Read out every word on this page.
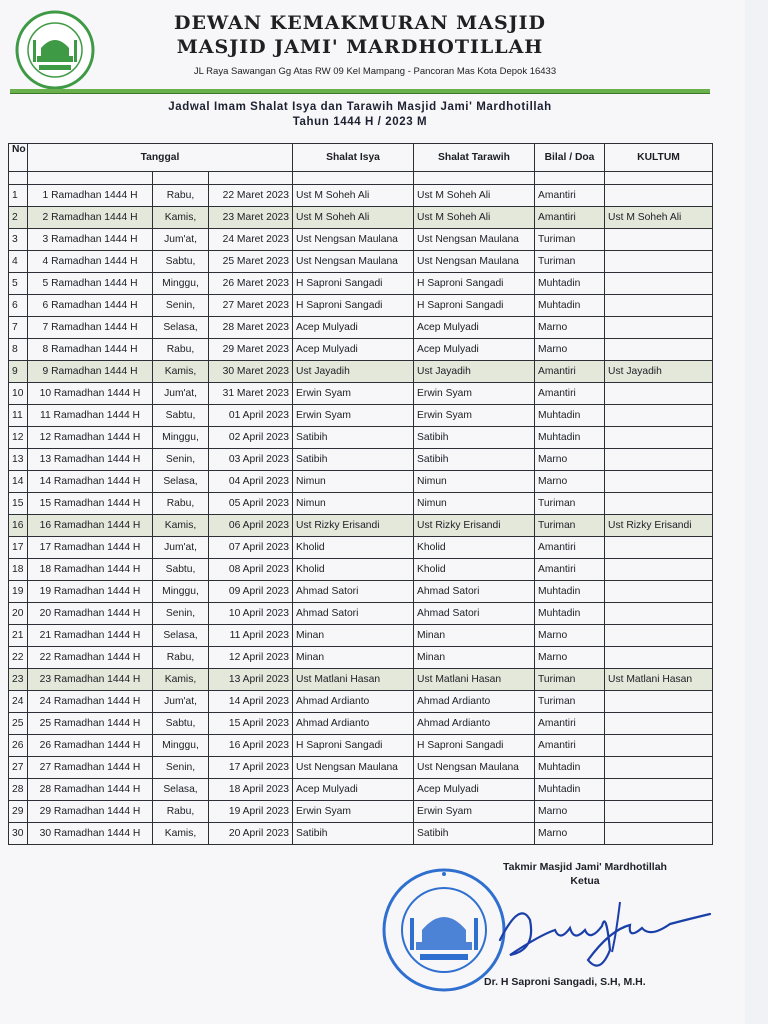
DEWAN KEMAKMURAN MASJID
MASJID JAMI' MARDHOTILLAH
JL Raya Sawangan Gg Atas RW 09 Kel Mampang - Pancoran Mas Kota Depok 16433
Jadwal Imam Shalat Isya dan Tarawih Masjid Jami' Mardhotillah
Tahun 1444 H / 2023 M
No	Tanggal			Shalat Isya	Shalat Tarawih	Bilal / Doa	KULTUM

1	1 Ramadhan 1444 H	Rabu,	22 Maret 2023	Ust M Soheh Ali	Ust M Soheh Ali	Amantiri	
2	2 Ramadhan 1444 H	Kamis,	23 Maret 2023	Ust M Soheh Ali	Ust M Soheh Ali	Amantiri	Ust M Soheh Ali
3	3 Ramadhan 1444 H	Jum'at,	24 Maret 2023	Ust Nengsan Maulana	Ust Nengsan Maulana	Turiman	
4	4 Ramadhan 1444 H	Sabtu,	25 Maret 2023	Ust Nengsan Maulana	Ust Nengsan Maulana	Turiman	
5	5 Ramadhan 1444 H	Minggu,	26 Maret 2023	H Saproni Sangadi	H Saproni Sangadi	Muhtadin	
6	6 Ramadhan 1444 H	Senin,	27 Maret 2023	H Saproni Sangadi	H Saproni Sangadi	Muhtadin	
7	7 Ramadhan 1444 H	Selasa,	28 Maret 2023	Acep Mulyadi	Acep Mulyadi	Marno	
8	8 Ramadhan 1444 H	Rabu,	29 Maret 2023	Acep Mulyadi	Acep Mulyadi	Marno	
9	9 Ramadhan 1444 H	Kamis,	30 Maret 2023	Ust Jayadih	Ust Jayadih	Amantiri	Ust Jayadih
10	10 Ramadhan 1444 H	Jum'at,	31 Maret 2023	Erwin Syam	Erwin Syam	Amantiri	
11	11 Ramadhan 1444 H	Sabtu,	01 April 2023	Erwin Syam	Erwin Syam	Muhtadin	
12	12 Ramadhan 1444 H	Minggu,	02 April 2023	Satibih	Satibih	Muhtadin	
13	13 Ramadhan 1444 H	Senin,	03 April 2023	Satibih	Satibih	Marno	
14	14 Ramadhan 1444 H	Selasa,	04 April 2023	Nimun	Nimun	Marno	
15	15 Ramadhan 1444 H	Rabu,	05 April 2023	Nimun	Nimun	Turiman	
16	16 Ramadhan 1444 H	Kamis,	06 April 2023	Ust Rizky Erisandi	Ust Rizky Erisandi	Turiman	Ust Rizky Erisandi
17	17 Ramadhan 1444 H	Jum'at,	07 April 2023	Kholid	Kholid	Amantiri	
18	18 Ramadhan 1444 H	Sabtu,	08 April 2023	Kholid	Kholid	Amantiri	
19	19 Ramadhan 1444 H	Minggu,	09 April 2023	Ahmad Satori	Ahmad Satori	Muhtadin	
20	20 Ramadhan 1444 H	Senin,	10 April 2023	Ahmad Satori	Ahmad Satori	Muhtadin	
21	21 Ramadhan 1444 H	Selasa,	11 April 2023	Minan	Minan	Marno	
22	22 Ramadhan 1444 H	Rabu,	12 April 2023	Minan	Minan	Marno	
23	23 Ramadhan 1444 H	Kamis,	13 April 2023	Ust Matlani Hasan	Ust Matlani Hasan	Turiman	Ust Matlani Hasan
24	24 Ramadhan 1444 H	Jum'at,	14 April 2023	Ahmad Ardianto	Ahmad Ardianto	Turiman	
25	25 Ramadhan 1444 H	Sabtu,	15 April 2023	Ahmad Ardianto	Ahmad Ardianto	Amantiri	
26	26 Ramadhan 1444 H	Minggu,	16 April 2023	H Saproni Sangadi	H Saproni Sangadi	Amantiri	
27	27 Ramadhan 1444 H	Senin,	17 April 2023	Ust Nengsan Maulana	Ust Nengsan Maulana	Muhtadin	
28	28 Ramadhan 1444 H	Selasa,	18 April 2023	Acep Mulyadi	Acep Mulyadi	Muhtadin	
29	29 Ramadhan 1444 H	Rabu,	19 April 2023	Erwin Syam	Erwin Syam	Marno	
30	30 Ramadhan 1444 H	Kamis,	20 April 2023	Satibih	Satibih	Marno	
Takmir Masjid Jami' Mardhotillah
Ketua
Dr. H Saproni Sangadi, S.H, M.H.
